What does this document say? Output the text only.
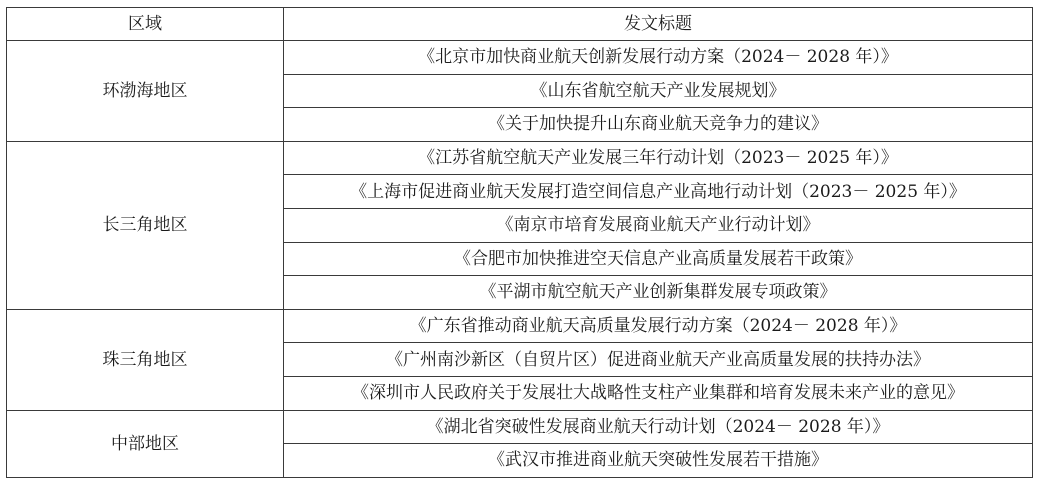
区域	发文标题
环渤海地区	《北京市加快商业航天创新发展行动方案（2024－ 2028 年）》
	《山东省航空航天产业发展规划》
	《关于加快提升山东商业航天竞争力的建议》
长三角地区	《江苏省航空航天产业发展三年行动计划（2023－ 2025 年）》
	《上海市促进商业航天发展打造空间信息产业高地行动计划（2023－ 2025 年）》
	《南京市培育发展商业航天产业行动计划》
	《合肥市加快推进空天信息产业高质量发展若干政策》
	《平湖市航空航天产业创新集群发展专项政策》
珠三角地区	《广东省推动商业航天高质量发展行动方案（2024－ 2028 年）》
	《广州南沙新区（自贸片区）促进商业航天产业高质量发展的扶持办法》
	《深圳市人民政府关于发展壮大战略性支柱产业集群和培育发展未来产业的意见》
中部地区	《湖北省突破性发展商业航天行动计划（2024－ 2028 年）》
	《武汉市推进商业航天突破性发展若干措施》
